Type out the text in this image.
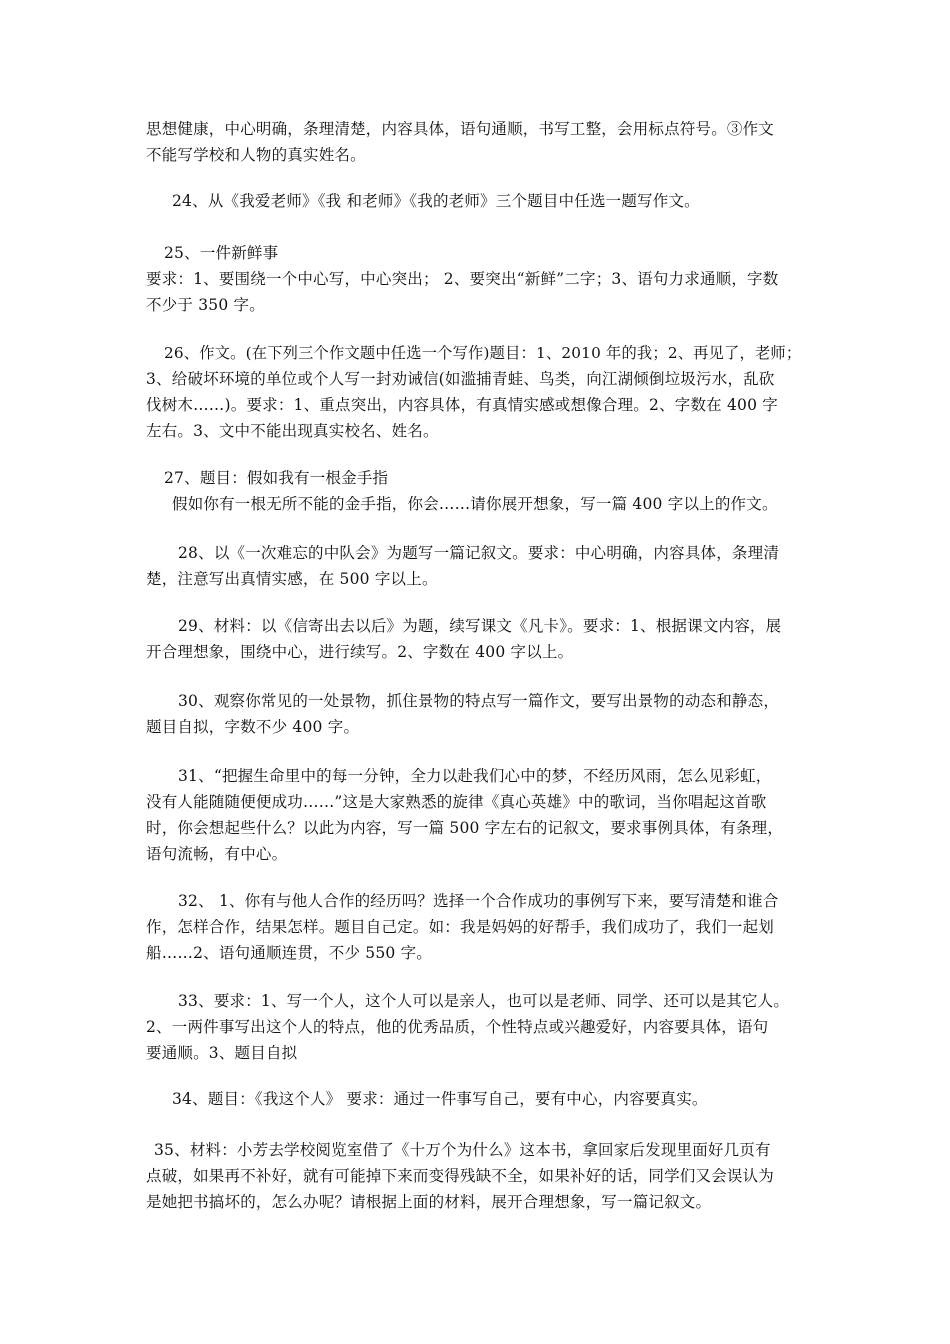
思想健康，中心明确，条理清楚，内容具体，语句通顺，书写工整，会用标点符号。③作文
不能写学校和人物的真实姓名。
24、从《我爱老师》《我 和老师》《我的老师》三个题目中任选一题写作文。
25、一件新鲜事
要求：1、要围绕一个中心写，中心突出； 2、要突出“新鲜”二字；3、语句力求通顺，字数
不少于 350 字。
26、作文。(在下列三个作文题中任选一个写作)题目：1、2010 年的我；2、再见了，老师；
3、给破坏环境的单位或个人写一封劝诫信(如滥捕青蛙、鸟类，向江湖倾倒垃圾污水，乱砍
伐树木……)。要求：1、重点突出，内容具体，有真情实感或想像合理。2、字数在 400 字
左右。3、文中不能出现真实校名、姓名。
27、题目：假如我有一根金手指
假如你有一根无所不能的金手指，你会……请你展开想象，写一篇 400 字以上的作文。
28、以《一次难忘的中队会》为题写一篇记叙文。要求：中心明确，内容具体，条理清
楚，注意写出真情实感，在 500 字以上。
29、材料：以《信寄出去以后》为题，续写课文《凡卡》。要求：1、根据课文内容，展
开合理想象，围绕中心，进行续写。2、字数在 400 字以上。
30、观察你常见的一处景物，抓住景物的特点写一篇作文，要写出景物的动态和静态，
题目自拟，字数不少 400 字。
31、“把握生命里中的每一分钟，全力以赴我们心中的梦，不经历风雨，怎么见彩虹，
没有人能随随便便成功……”这是大家熟悉的旋律《真心英雄》中的歌词，当你唱起这首歌
时，你会想起些什么？以此为内容，写一篇 500 字左右的记叙文，要求事例具体，有条理，
语句流畅，有中心。
32、 1、你有与他人合作的经历吗？选择一个合作成功的事例写下来，要写清楚和谁合
作，怎样合作，结果怎样。题目自己定。如：我是妈妈的好帮手，我们成功了，我们一起划
船……2、语句通顺连贯，不少 550 字。
33、要求：1、写一个人，这个人可以是亲人，也可以是老师、同学、还可以是其它人。
2、一两件事写出这个人的特点，他的优秀品质，个性特点或兴趣爱好，内容要具体，语句
要通顺。3、题目自拟
34、题目：《我这个人》 要求：通过一件事写自己，要有中心，内容要真实。
35、材料：小芳去学校阅览室借了《十万个为什么》这本书，拿回家后发现里面好几页有
点破，如果再不补好，就有可能掉下来而变得残缺不全，如果补好的话，同学们又会误认为
是她把书搞坏的，怎么办呢？请根据上面的材料，展开合理想象，写一篇记叙文。
